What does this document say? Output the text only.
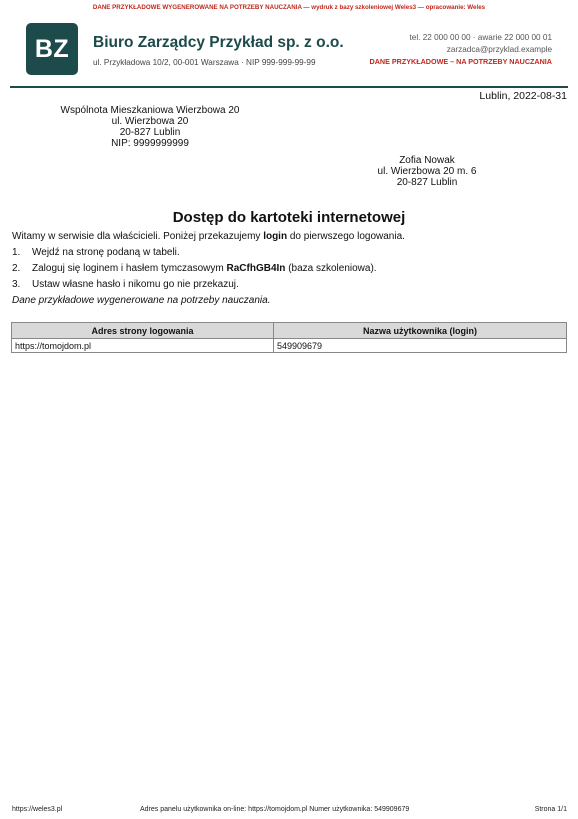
DANE PRZYKŁADOWE WYGENEROWANE NA POTRZEBY NAUCZANIA — wydruk z bazy szkoleniowej Weles3 — opracowanie: Weles
BZ	Biuro Zarządcy Przykład sp. z o.o.
ul. Przykładowa 10/2, 00-001 Warszawa · NIP 999-999-99-99
tel. 22 000 00 00 · awarie 22 000 00 01
zarzadca@przyklad.example
DANE PRZYKŁADOWE – NA POTRZEBY NAUCZANIA
Lublin, 2022-08-31
Wspólnota Mieszkaniowa Wierzbowa 20
ul. Wierzbowa 20
20-827 Lublin
NIP: 9999999999
Zofia Nowak
ul. Wierzbowa 20 m. 6
20-827 Lublin
Dostęp do kartoteki internetowej
Witamy w serwisie dla właścicieli. Poniżej przekazujemy login do pierwszego logowania.
1. Wejdź na stronę podaną w tabeli.
2. Zaloguj się loginem i hasłem tymczasowym RaCfhGB4In (baza szkoleniowa).
3. Ustaw własne hasło i nikomu go nie przekazuj.
Dane przykładowe wygenerowane na potrzeby nauczania.
Adres strony logowania	Nazwa użytkownika (login)
https://tomojdom.pl	549909679
https://weles3.pl	Adres panelu użytkownika on-line: https://tomojdom.pl Numer użytkownika: 549909679	Strona 1/1
